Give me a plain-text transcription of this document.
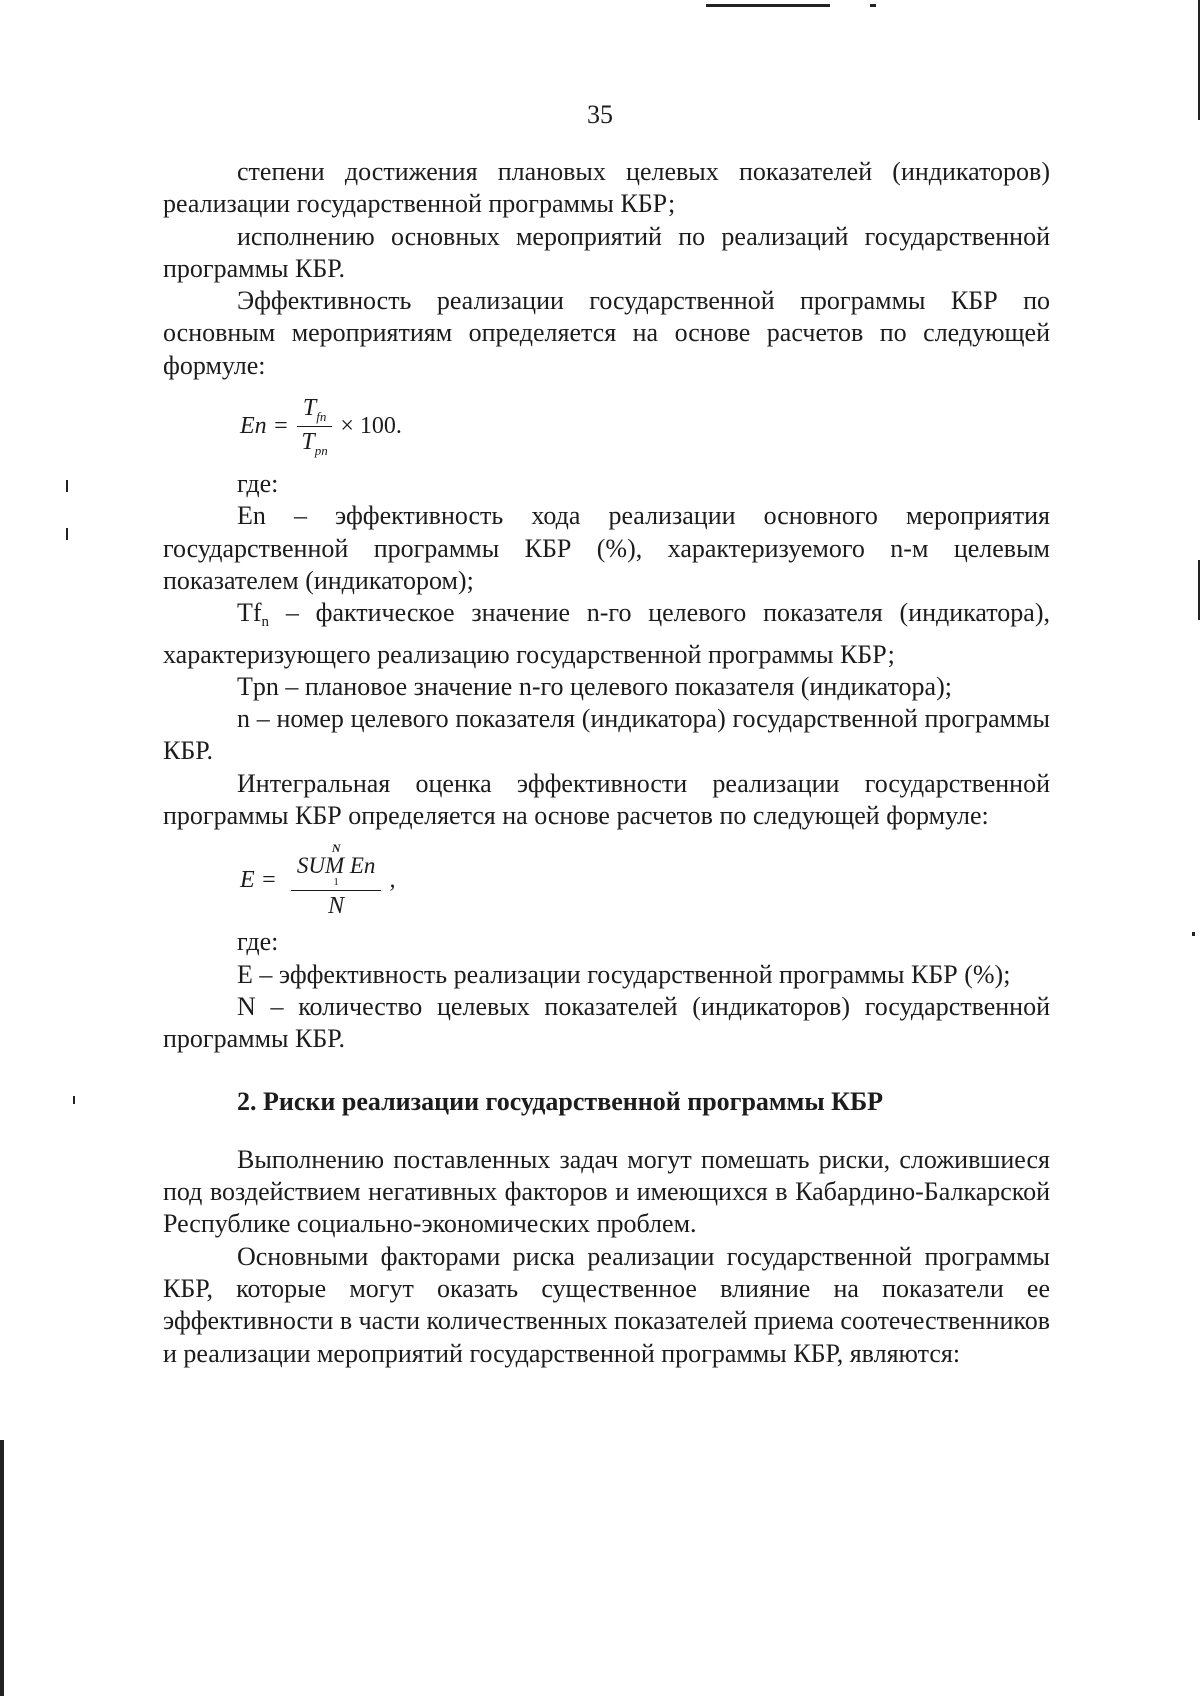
35

степени достижения плановых целевых показателей (индикаторов) реализации государственной программы КБР;

исполнению основных мероприятий по реализаций государственной программы КБР.

Эффективность реализации государственной программы КБР по основным мероприятиям определяется на основе расчетов по следующей формуле:

$En = \frac{T_{fn}}{T_{pn}} \times 100$.

где:

En – эффективность хода реализации основного мероприятия государственной программы КБР (%), характеризуемого n-м целевым показателем (индикатором);

Tfn – фактическое значение n-го целевого показателя (индикатора), характеризующего реализацию государственной программы КБР;

Tpn – плановое значение n-го целевого показателя (индикатора);

n – номер целевого показателя (индикатора) государственной программы КБР.

Интегральная оценка эффективности реализации государственной программы КБР определяется на основе расчетов по следующей формуле:

E = N
SUM En
1
N ,

где:

E – эффективность реализации государственной программы КБР (%);

N – количество целевых показателей (индикаторов) государственной программы КБР.

2. Риски реализации государственной программы КБР

Выполнению поставленных задач могут помешать риски, сложившиеся под воздействием негативных факторов и имеющихся в Кабардино-Балкарской Республике социально-экономических проблем.

Основными факторами риска реализации государственной программы КБР, которые могут оказать существенное влияние на показатели ее эффективности в части количественных показателей приема соотечественников и реализации мероприятий государственной программы КБР, являются:
